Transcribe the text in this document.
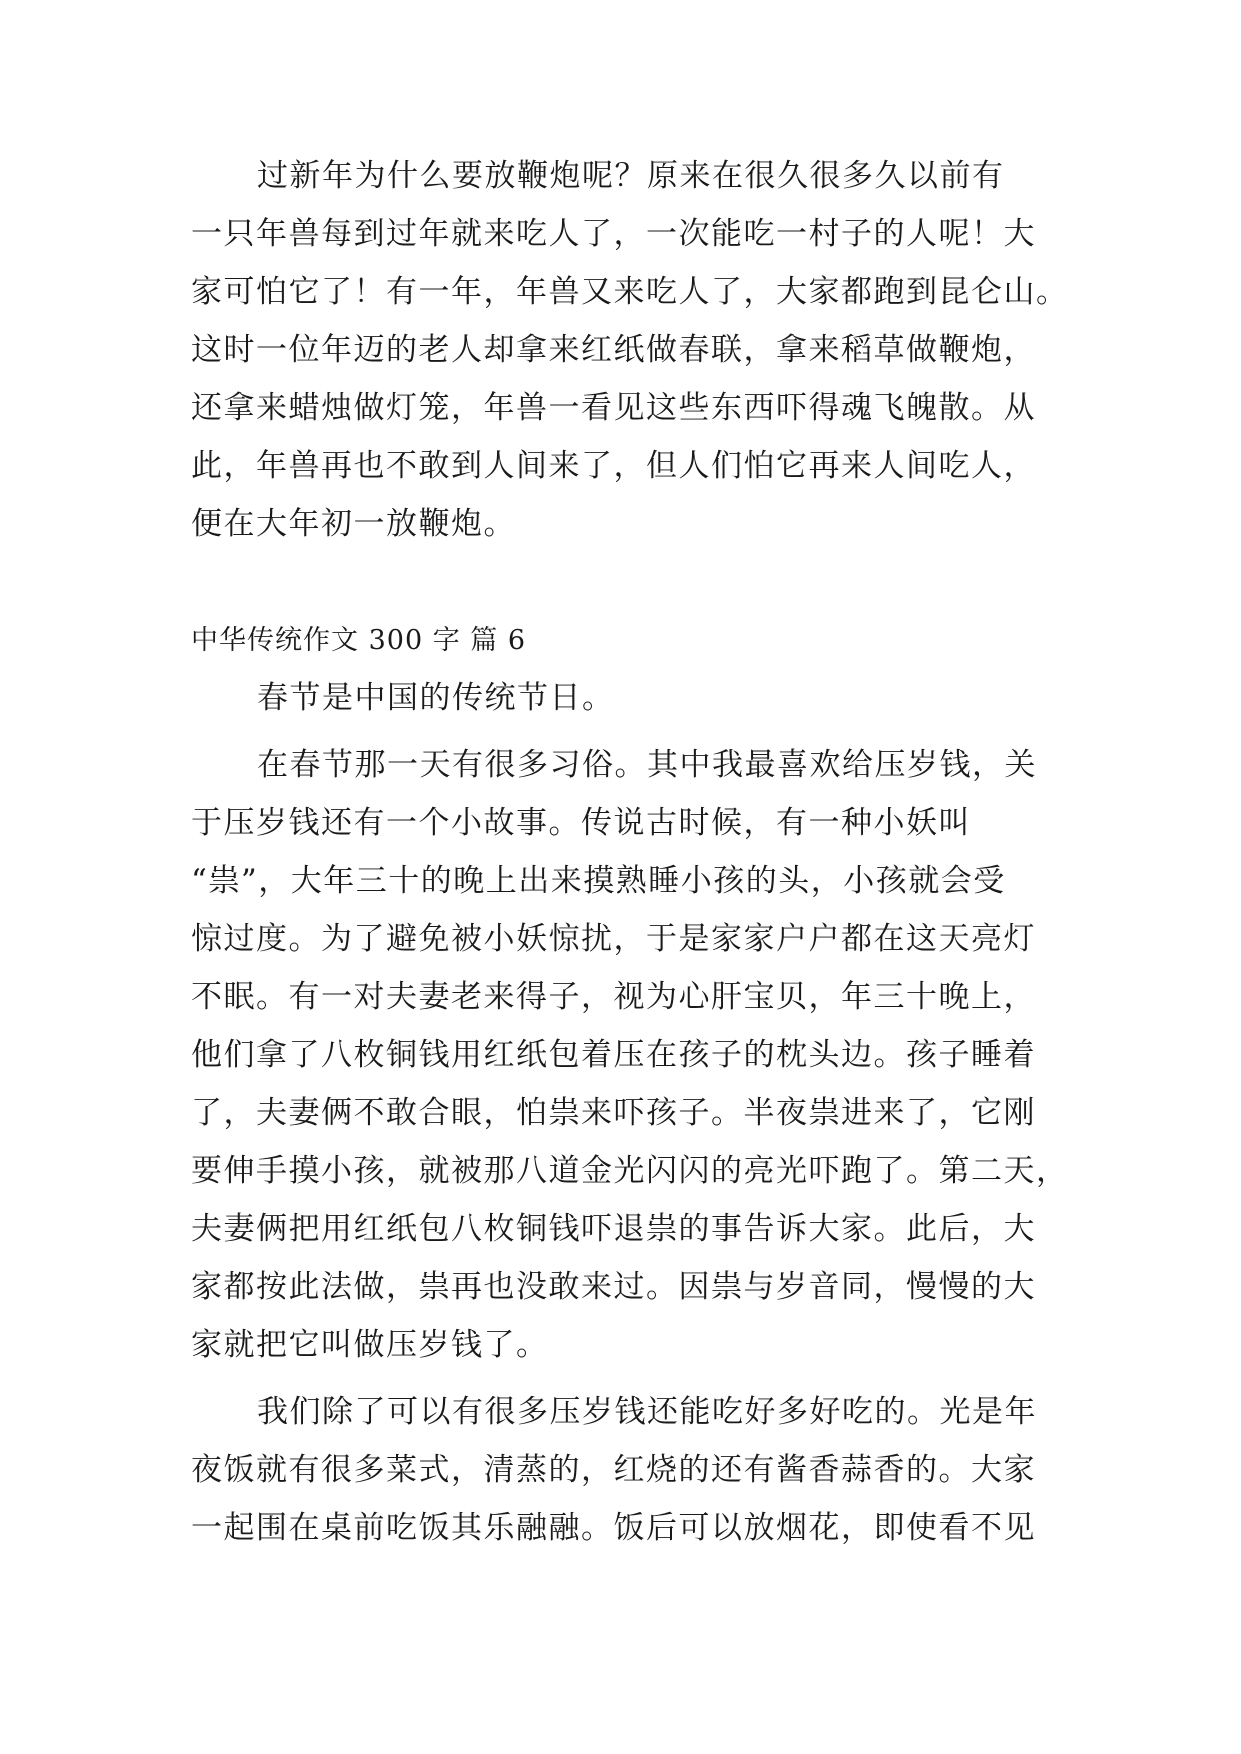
过新年为什么要放鞭炮呢？原来在很久很多久以前有

一只年兽每到过年就来吃人了，一次能吃一村子的人呢！大

家可怕它了！有一年，年兽又来吃人了，大家都跑到昆仑山。

这时一位年迈的老人却拿来红纸做春联，拿来稻草做鞭炮，

还拿来蜡烛做灯笼，年兽一看见这些东西吓得魂飞魄散。从

此，年兽再也不敢到人间来了，但人们怕它再来人间吃人，

便在大年初一放鞭炮。

中华传统作文 300 字 篇 6

春节是中国的传统节日。

在春节那一天有很多习俗。其中我最喜欢给压岁钱，关

于压岁钱还有一个小故事。传说古时候，有一种小妖叫

“祟”，大年三十的晚上出来摸熟睡小孩的头，小孩就会受

惊过度。为了避免被小妖惊扰，于是家家户户都在这天亮灯

不眠。有一对夫妻老来得子，视为心肝宝贝，年三十晚上，

他们拿了八枚铜钱用红纸包着压在孩子的枕头边。孩子睡着

了，夫妻俩不敢合眼，怕祟来吓孩子。半夜祟进来了，它刚

要伸手摸小孩，就被那八道金光闪闪的亮光吓跑了。第二天，

夫妻俩把用红纸包八枚铜钱吓退祟的事告诉大家。此后，大

家都按此法做，祟再也没敢来过。因祟与岁音同，慢慢的大

家就把它叫做压岁钱了。

我们除了可以有很多压岁钱还能吃好多好吃的。光是年

夜饭就有很多菜式，清蒸的，红烧的还有酱香蒜香的。大家

一起围在桌前吃饭其乐融融。饭后可以放烟花，即使看不见
